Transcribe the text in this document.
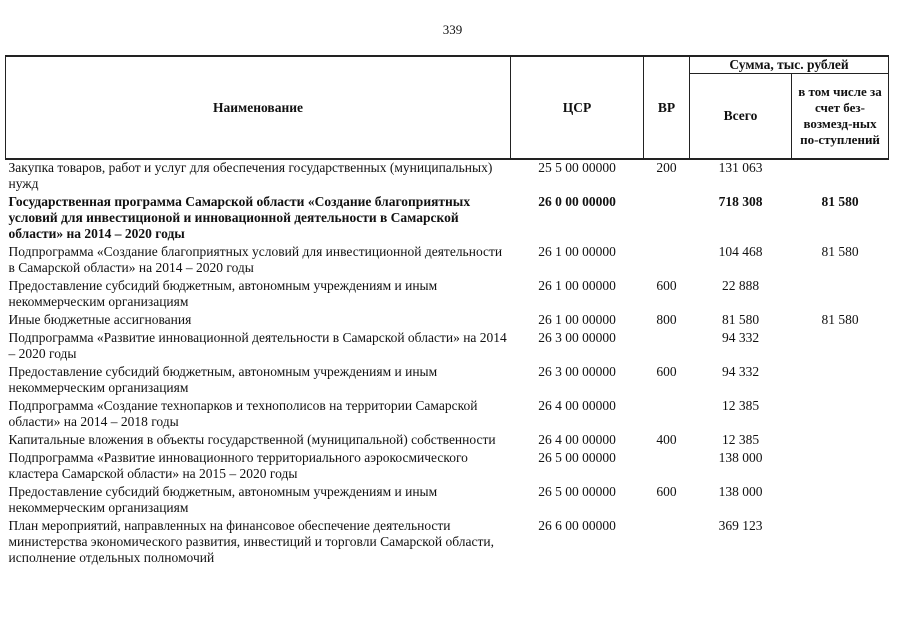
339
Наименование	ЦСР	ВР	Сумма, тыс. рублей	
			Всего	в том числе за счет без-возмезд-ных по-ступлений
Закупка товаров, работ и услуг для обеспечения государственных (муниципальных) нужд	25 5 00 00000	200	131 063	
Государственная программа Самарской области «Создание благоприятных условий для инвестиционой и инновационной деятельности в Самарской области» на 2014 – 2020 годы	26 0 00 00000		718 308	81 580
Подпрограмма «Создание благоприятных условий для инвестиционной деятельности в Самарской области» на 2014 – 2020 годы	26 1 00 00000		104 468	81 580
Предоставление субсидий бюджетным, автономным учреждениям и иным некоммерческим организациям	26 1 00 00000	600	22 888	
Иные бюджетные ассигнования	26 1 00 00000	800	81 580	81 580
Подпрограмма «Развитие инновационной деятельности в Самарской области» на 2014 – 2020 годы	26 3 00 00000		94 332	
Предоставление субсидий бюджетным, автономным учреждениям и иным некоммерческим организациям	26 3 00 00000	600	94 332	
Подпрограмма «Создание технопарков и технополисов на территории Самарской области» на 2014 – 2018 годы	26 4 00 00000		12 385	
Капитальные вложения в объекты государственной (муниципальной) собственности	26 4 00 00000	400	12 385	
Подпрограмма «Развитие инновационного территориального аэрокосмического кластера Самарской области» на 2015 – 2020 годы	26 5 00 00000		138 000	
Предоставление субсидий бюджетным, автономным учреждениям и иным некоммерческим организациям	26 5 00 00000	600	138 000	
План мероприятий, направленных на финансовое обеспечение деятельности министерства экономического развития, инвестиций и торговли Самарской области, исполнение отдельных полномочий	26 6 00 00000		369 123	
